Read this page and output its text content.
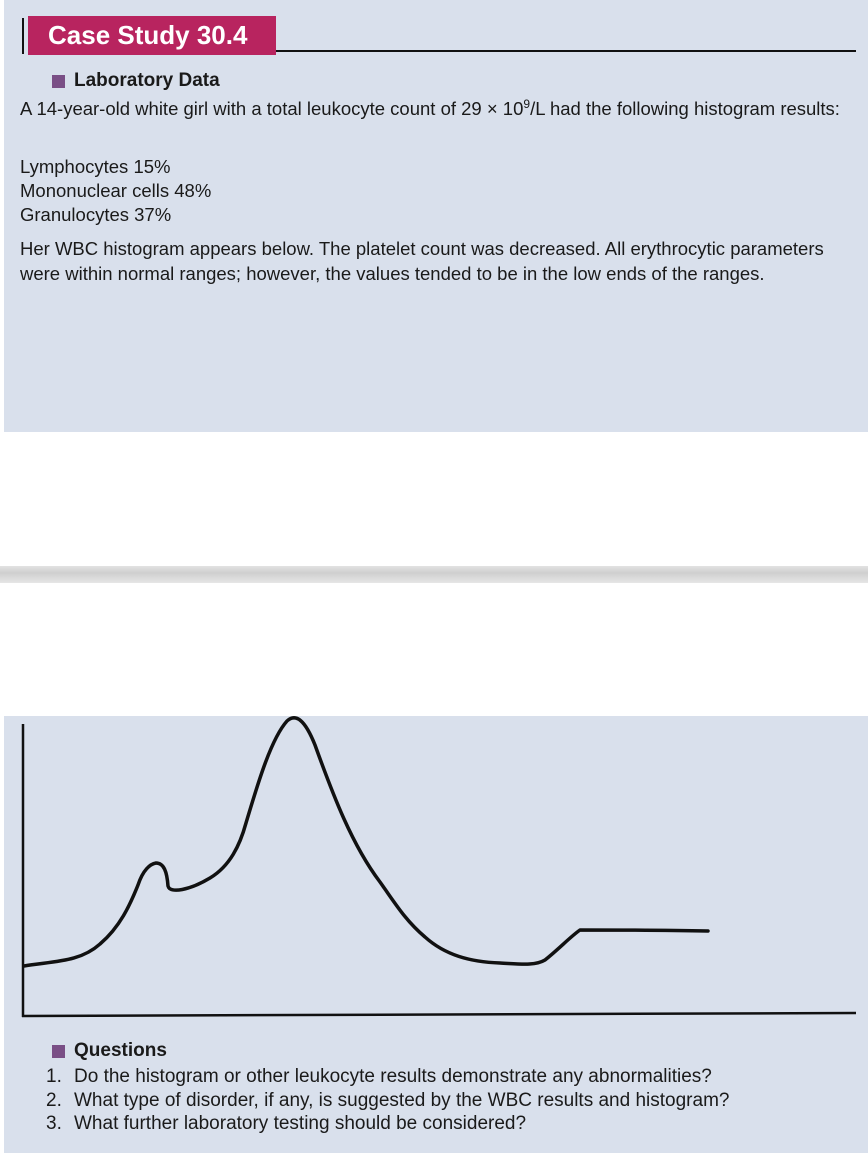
Case Study 30.4
Laboratory Data
A 14-year-old white girl with a total leukocyte count of $29 \times 10^9/L$ had the following histogram results:
Lymphocytes 15%
Mononuclear cells 48%
Granulocytes 37%
Her WBC histogram appears below. The platelet count was decreased. All erythrocytic parameters were within normal ranges; however, the values tended to be in the low ends of the ranges.
Questions
1. Do the histogram or other leukocyte results demonstrate any abnormalities?
2. What type of disorder, if any, is suggested by the WBC results and histogram?
3. What further laboratory testing should be considered?
